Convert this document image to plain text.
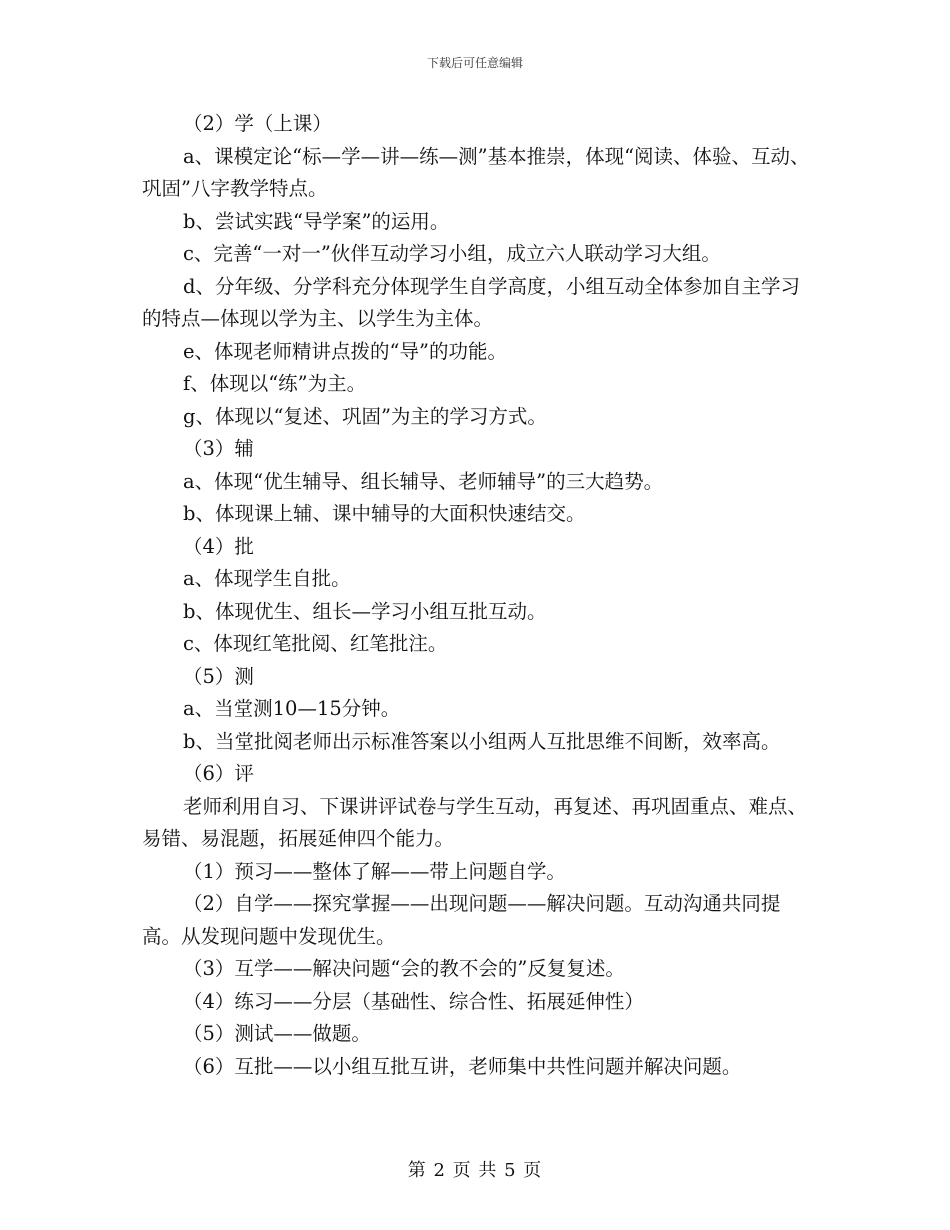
下载后可任意编辑

（2）学（上课）

a、课模定论“标—学—讲—练—测”基本推崇，体现“阅读、体验、互动、巩固”八字教学特点。

b、尝试实践“导学案”的运用。

c、完善“一对一”伙伴互动学习小组，成立六人联动学习大组。

d、分年级、分学科充分体现学生自学高度，小组互动全体参加自主学习的特点—体现以学为主、以学生为主体。

e、体现老师精讲点拨的“导”的功能。

f、体现以“练”为主。

g、体现以“复述、巩固”为主的学习方式。

（3）辅

a、体现“优生辅导、组长辅导、老师辅导”的三大趋势。

b、体现课上辅、课中辅导的大面积快速结交。

（4）批

a、体现学生自批。

b、体现优生、组长—学习小组互批互动。

c、体现红笔批阅、红笔批注。

（5）测

a、当堂测10—15分钟。

b、当堂批阅老师出示标准答案以小组两人互批思维不间断，效率高。

（6）评

老师利用自习、下课讲评试卷与学生互动，再复述、再巩固重点、难点、易错、易混题，拓展延伸四个能力。

（1）预习——整体了解——带上问题自学。

（2）自学——探究掌握——出现问题——解决问题。互动沟通共同提高。从发现问题中发现优生。

（3）互学——解决问题“会的教不会的”反复复述。

（4）练习——分层（基础性、综合性、拓展延伸性）

（5）测试——做题。

（6）互批——以小组互批互讲，老师集中共性问题并解决问题。

第 2 页 共 5 页
